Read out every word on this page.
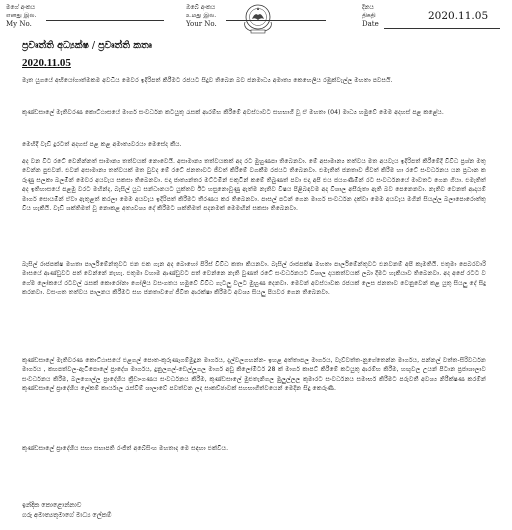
මගේ අංකය
எனது இல.
My No.
ඔබේ අංකය
உமது இல.
Your No.
දිනය
திகதி
Date
2020.11.05
ප්‍රවෘත්ති අධ්‍යක්ෂ / ප්‍රවෘත්ති කතෘ
2020.11.05

මෑත යුගයේ අභියෝගාත්මකම අවධිය මෙවර ඉදිරිපත් කිරීමට රජයට සිදුව තිබෙන බව ජනමාධ්‍ය අමාත්‍ය කෙහෙලිය රඹුක්වැල්ල මහතා පවසයි.

කුණ්ඩසාලේ මැතිවරණ කොට්ඨාසයේ මාර්ග සංවර්ධන කටයුතු රැසක් ආරම්භ කිරීමේ අවස්ථාවට සහභාගී වූ ඒ මහතා (04) මාධ්‍ය හමුවේ මෙම අදහස් පළ කළේය.

මෙහිදී වැඩි දුරටත් අදහස් පළ කළ අමාත්‍යවරයා මෙසේද කීය.

අද වන විට රටේ වෙනින්නත් සාමාන්‍ය තත්වයක් නොවෙයි. අසාමාන්‍ය තත්වයකක් අද රට මුහුණපා තිබෙනවා. මේ අසාමාන්‍ය තත්වය මත අයවැය ඉදිරිපත් කිරීමේදී විවිධ ප්‍රශ්න මතු වෙන්න පුළුවන්. එවන් අසාමාන්‍ය තත්වයක් මත වුවද මේ රටේ ජනතාවට ජීවත් කිරීමේ වගකීම රජයට තිබෙනවා. එමැතිත් ජනතාව ජීවත් කිරීම හා රටේ සංවර්ධනය යන ප්‍රධාන කරුණු සලකා බලමින් මෙවර අයවැය සකසා තිබෙනවා. එදා ජාත්‍යන්තර මට්ටමින් එකුටින් කමේ තිබුණත් පවා එදා අපි එය ජයගණිමින් රට සංවර්ධනයේ මාවතට ගෙන ගියා. එමැතිත් අද ඉතිහාසයේ පළමු වරට මහින්ද, බැසිල් යුධ සන්ධානයට යුක්තව ඊට හසුනොවූණු ඇත්ම නැතිව විෂය පිළිබඳවම අද විශාල අසීරුතා ඇති බව පෙනෙනවා. නැතිව වෙනත් ආදායම් මාර්ග සොයමින් ඒවා ඇතුළත් කරලා මෙම අයවැය ඉදිරිපත් කිරීමට තීරණය කර තිබෙනවා. පාසල් පටන් ගෙන මාර්ග සංවර්ධන දක්වා මෙම අයවැය මගින් සියල්ල බලාපොරොත්තු විය හැකියි. වැඩි ශක්තිමත් වූ නොකළ අත්‍යවශ්‍ය දේ කිරීමට ශක්තිමත් පදනමක් මෙමඟින් සකසා තිබෙනවා.

බැසිල් රාජපක්ෂ මහතා පාර්ලිමේන්තුවට එන එක ගැන අද බොහෝ පිරිස් විවිධ කතා කියනවා. බැසිල් රාජපක්ෂ මහතා පාර්ලිමේන්තුවට එනවනම් අපි කැමතියි. එතුමා පෙබරවාරි මාසයේ ආණ්ඩුවට පත් වෙන්නේ නැහැ. එතුමා වහාම ආණ්ඩුවට පත් වෙන්නෙ නැති වුණත් රටේ සංවර්ධනයට විශාල දායකත්වයක් ලබා දීමට හැකියාව තිබෙනවා. අද අපේ රටට වගේම ලෝකයේ රටවල් රැසක් කොරෝනා ගෝලීය වසංගතය හමුවේ විවිධ ගැටලු වලට මුහුණ දෙනවා. මෙවන් අවස්ථාවක රජයක් ලෙස ජනතාව වෙනුවෙන් කළ යුතු සියලු දේ සිදු කරනවා. වසංගත තත්වය පාලනය කිරීමට සහ ජනතාවගේ ජීවිත ආරක්ෂා කිරීමට අවශ්‍ය සියලු පියවර ගෙන තිබෙනවා.

කුණ්ඩසාලේ මැතිවරණ කොට්ඨාසයේ එළගල් පොත-කුරුණෑගම්මුදුන මාර්ගය, දැල්වලගහන්න- ඉහළ අත්තාපල මාර්ගය, වැව්වත්ත-නුගේතෙන්න මාර්ගය, පන්නල් වත්ත-සිරිවර්ධන මාර්ගය , කහපත්වල-ඇටිපොලේ ප්‍රාදේශ මාර්ගය, දුනුලගල්-ඩෙල්ලූගල මාර්ග අඩු කිලෝමීටර් 28 ක් මාර්ග කාපට් කිරීමේ කටයුතු ආරම්භ කිරීම, හඟුවල උයන් පිටාන ප්‍රජාශාලාව සංවර්ධනය කිරීම, බලගොල්ල ප්‍රාදේශීය ක්‍රීඩාංගණය සංවර්ධනය කිරීම, කුණ්ඩසාලේ මුළුතැනිගල මුලුල්ලල කුමාරට සංවර්ධනය සමාර්භ කිරීමට පරුවතී අවශ්‍ය නිරීක්ෂණ කරම්න් කුණ්ඩසාලේ ප්‍රාදේශීය ලේකම් කාර්යාල රැස්වීම් ශාලාවේ පවත්වන ලද සාකච්ඡාවක් සහභාගිත්වයෙන් මෙදින සිදු කෙරුණි.

කුණ්ඩසාලේ ප්‍රාදේශීය සභා සභාපති රංජිත් අබේසිංහ මහතාද මෙ සඳහා එක්විය.

ඉන්දික කොළොන්නාව
ගරු අමාත්‍යතුමාගේ මාධ්‍ය ලේකම්
